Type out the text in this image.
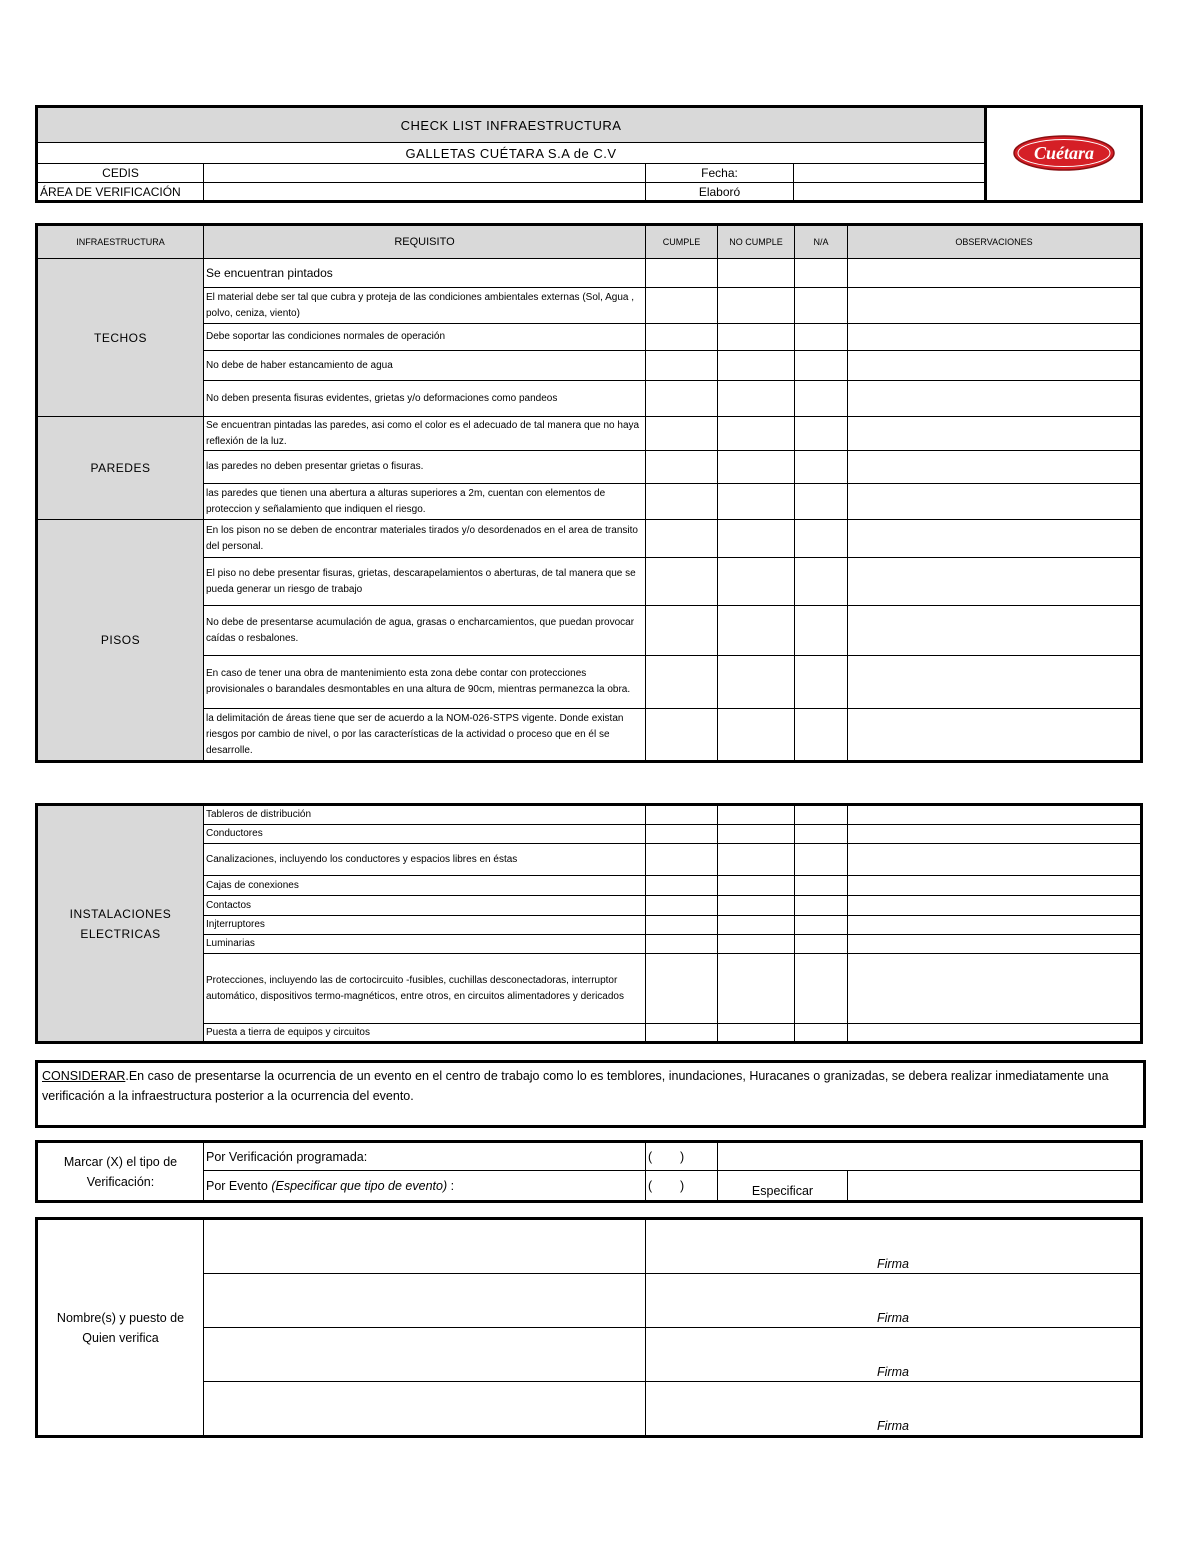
CHECK LIST INFRAESTRUCTURA				Cuétara

GALLETAS CUÉTARA S.A de C.V				
CEDIS		Fecha:		
ÁREA DE VERIFICACIÓN		Elaboró		
INFRAESTRUCTURA	REQUISITO	CUMPLE	NO CUMPLE	N/A	OBSERVACIONES
TECHOS	Se encuentran pintados				
	El material debe ser tal que cubra y proteja de las condiciones ambientales externas (Sol, Agua , polvo, ceniza, viento)				
	Debe soportar las condiciones normales de operación				
	No debe de haber estancamiento de agua				
	No deben presenta fisuras evidentes, grietas y/o deformaciones como pandeos				
PAREDES	Se encuentran pintadas las paredes, asi como el color es el adecuado de tal manera que no haya reflexión de la luz.				
	las paredes no deben presentar grietas o fisuras.				
	las paredes que tienen una abertura a alturas superiores a 2m, cuentan con elementos de proteccion y señalamiento que indiquen el riesgo.				
PISOS	En los pison no se deben de encontrar materiales tirados y/o desordenados en el area de transito del personal.				
	El piso no debe presentar fisuras, grietas, descarapelamientos o aberturas, de tal manera que se pueda generar un riesgo de trabajo				
	No debe de presentarse acumulación de agua, grasas o encharcamientos, que puedan provocar caídas o resbalones.				
	En caso de tener una obra de mantenimiento esta zona debe contar con protecciones provisionales o barandales desmontables en una altura de 90cm, mientras permanezca la obra.				
	la delimitación de áreas tiene que ser de acuerdo a la NOM-026-STPS vigente. Donde existan riesgos por cambio de nivel, o por las características de la actividad o proceso que en él se desarrolle.				
INSTALACIONES ELECTRICAS	Tableros de distribución				
	Conductores				
	Canalizaciones, incluyendo los conductores y espacios libres en éstas				
	Cajas de conexiones				
	Contactos				
	Injterruptores				
	Luminarias				
	Protecciones, incluyendo las de cortocircuito -fusibles, cuchillas desconectadoras, interruptor automático, dispositivos termo-magnéticos, entre otros, en circuitos alimentadores y dericados				
	Puesta a tierra de equipos y circuitos				
CONSIDERAR.En caso de presentarse la ocurrencia de un evento en el centro de trabajo como lo es temblores, inundaciones, Huracanes o granizadas, se debera realizar inmediatamente una verificación a la infraestructura posterior a la ocurrencia del evento.
Marcar (X) el tipo de Verificación:	Por Verificación programada:	(        )		
	Por Evento (Especificar que tipo de evento) :	(        )	Especificar	
Nombre(s) y puesto de Quien verifica		Firma
		Firma
		Firma
		Firma
